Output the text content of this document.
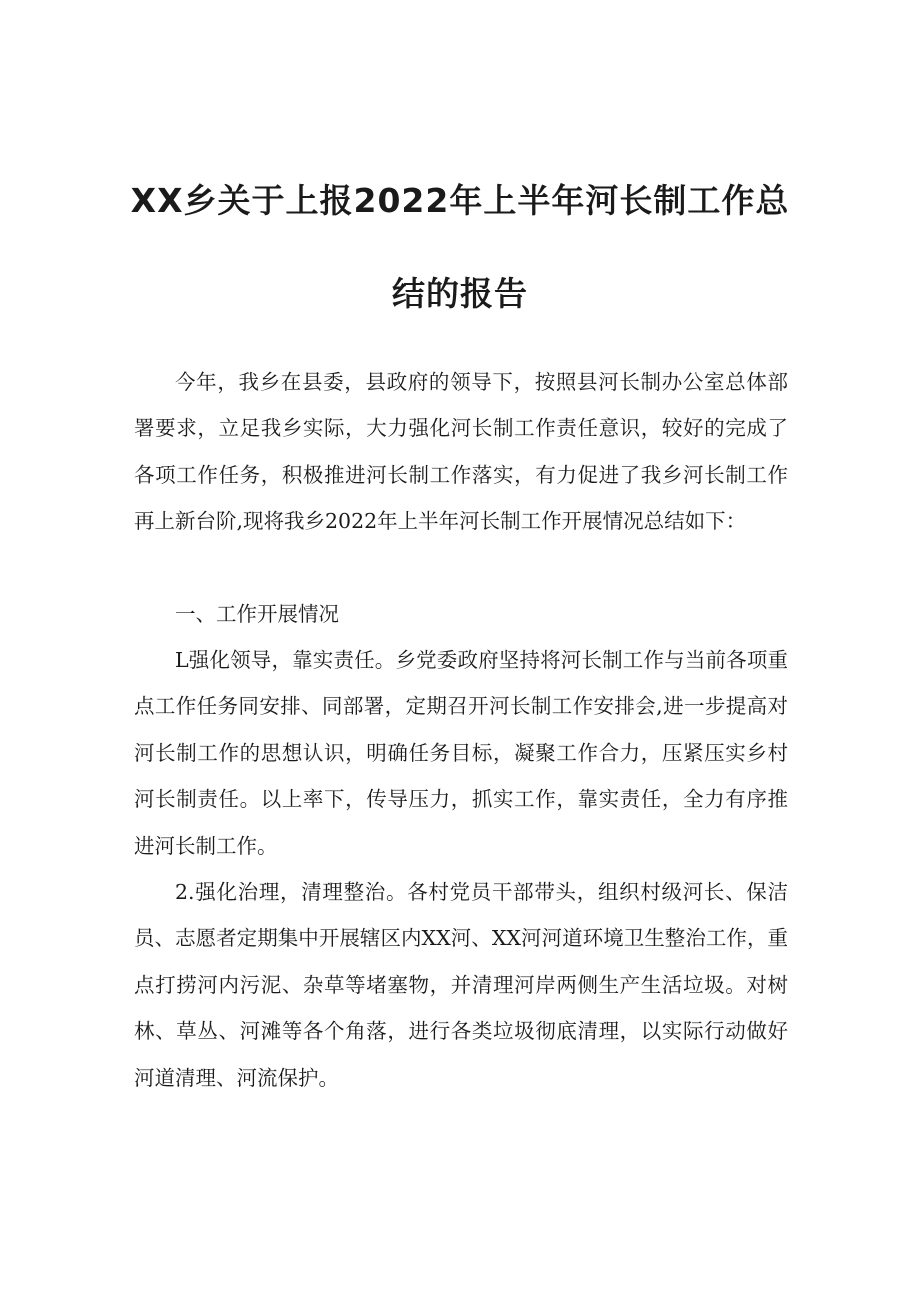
XX乡关于上报2022年上半年河长制工作总
结的报告

今年，我乡在县委，县政府的领导下，按照县河长制办公室总体部署要求，立足我乡实际，大力强化河长制工作责任意识，较好的完成了各项工作任务，积极推进河长制工作落实，有力促进了我乡河长制工作再上新台阶,现将我乡2022年上半年河长制工作开展情况总结如下：

一、工作开展情况

L强化领导，靠实责任。乡党委政府坚持将河长制工作与当前各项重点工作任务同安排、同部署，定期召开河长制工作安排会,进一步提高对河长制工作的思想认识，明确任务目标，凝聚工作合力，压紧压实乡村河长制责任。以上率下，传导压力，抓实工作，靠实责任，全力有序推进河长制工作。

2.强化治理，清理整治。各村党员干部带头，组织村级河长、保洁员、志愿者定期集中开展辖区内XX河、XX河河道环境卫生整治工作，重点打捞河内污泥、杂草等堵塞物，并清理河岸两侧生产生活垃圾。对树林、草丛、河滩等各个角落，进行各类垃圾彻底清理，以实际行动做好河道清理、河流保护。
